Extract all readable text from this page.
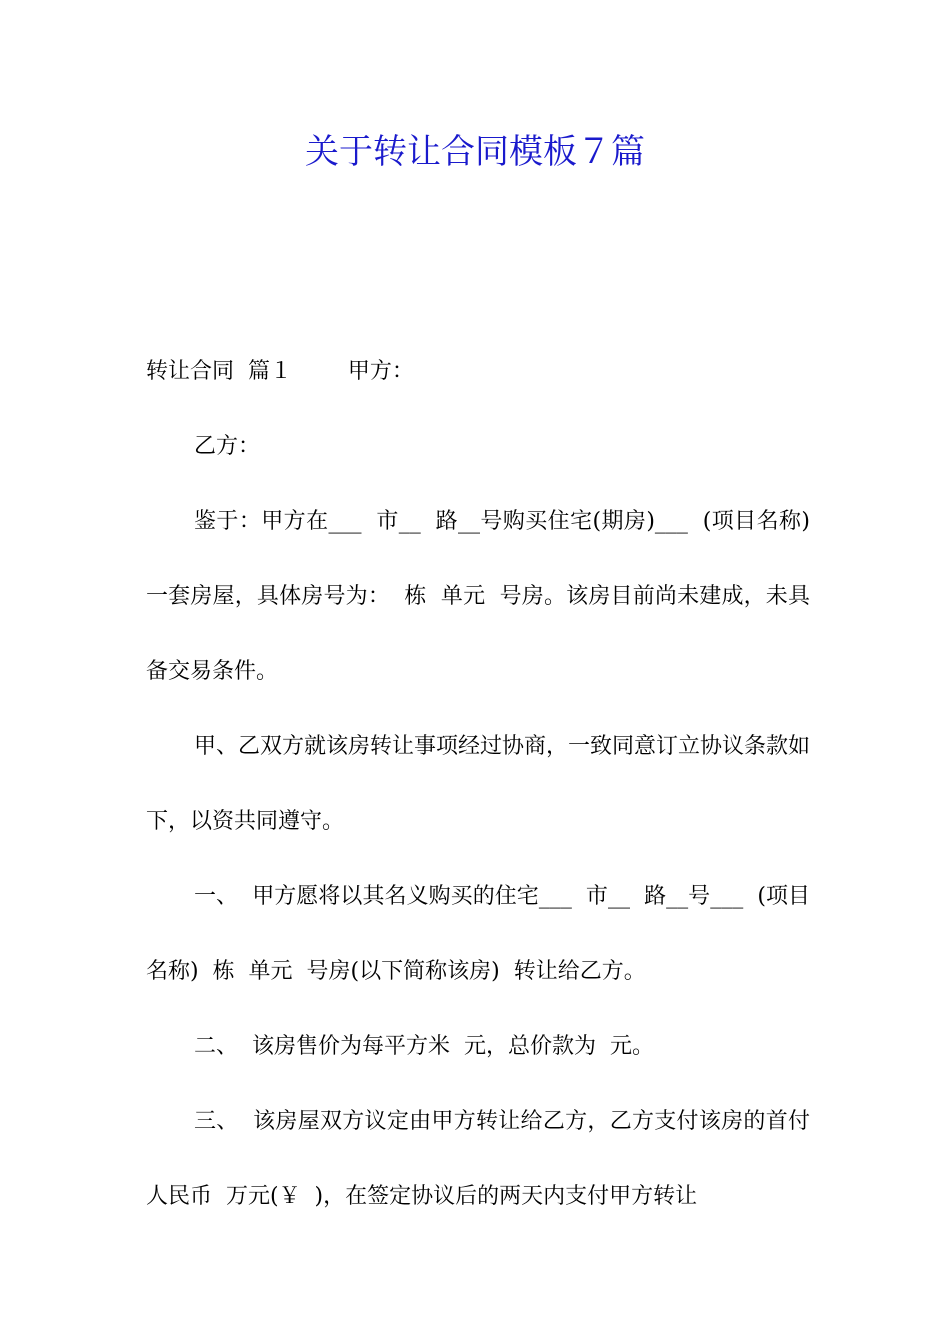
关于转让合同模板７篇

转让合同  篇１        甲方：

乙方：

鉴于：甲方在___  市__  路__号购买住宅(期房)___  (项目名称)一套房屋，具体房号为：  栋  单元  号房。该房目前尚未建成，未具备交易条件。

甲、乙双方就该房转让事项经过协商，一致同意订立协议条款如下，以资共同遵守。

一、  甲方愿将以其名义购买的住宅___  市__  路__号___  (项目名称)  栋  单元  号房(以下简称该房)  转让给乙方。

二、  该房售价为每平方米  元，总价款为  元。

三、  该房屋双方议定由甲方转让给乙方，乙方支付该房的首付人民币  万元(￥  )，在签定协议后的两天内支付甲方转让
